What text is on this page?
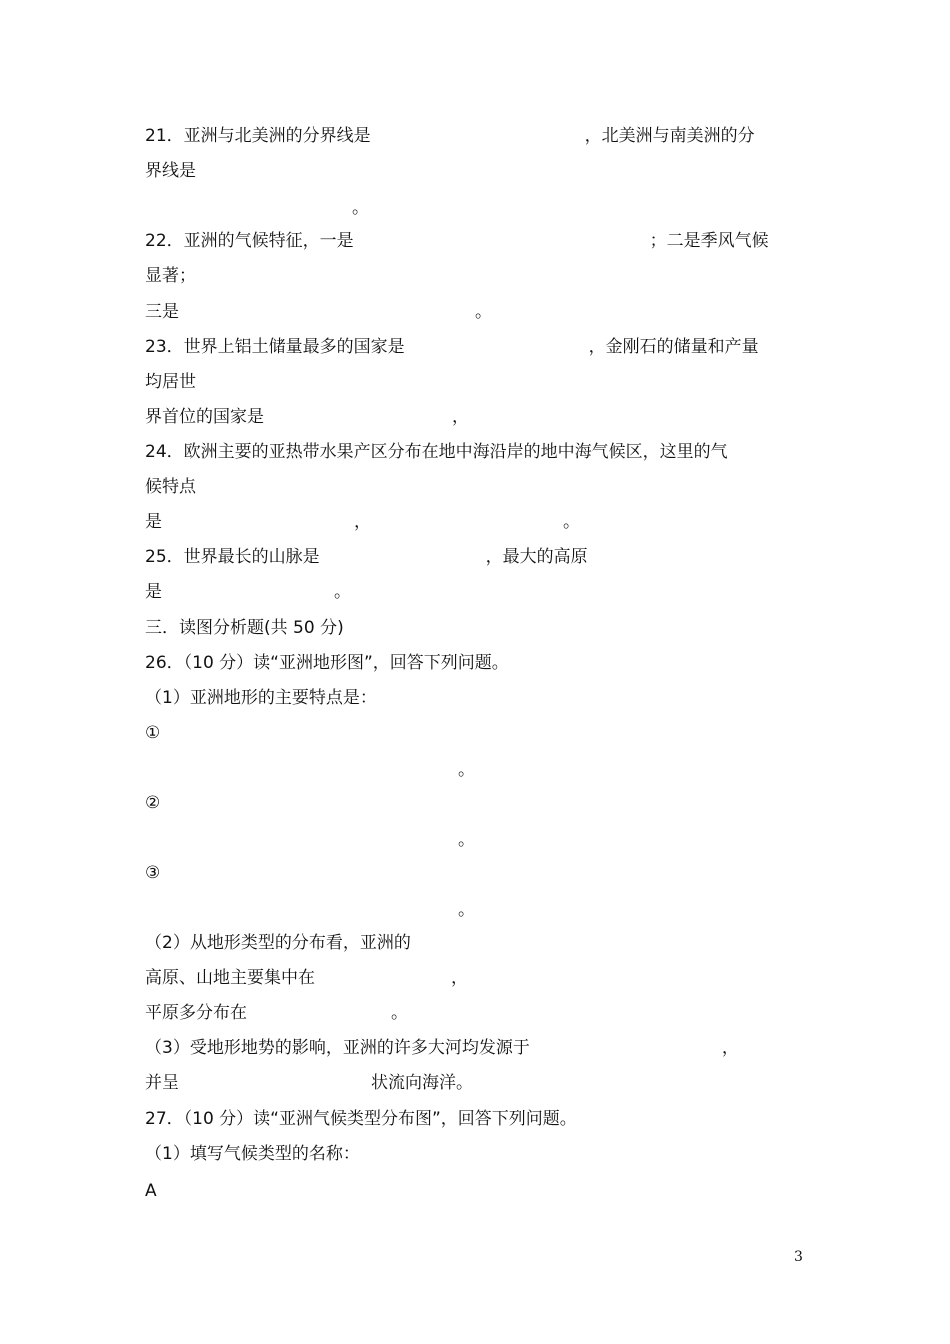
21．亚洲与北美洲的分界线是	，北美洲与南美洲的分
界线是
。
22．亚洲的气候特征，一是	；二是季风气候
显著；
三是	。
23．世界上铝土储量最多的国家是	，金刚石的储量和产量
均居世
界首位的国家是	，
24．欧洲主要的亚热带水果产区分布在地中海沿岸的地中海气候区，这里的气
候特点
是	，	。
25．世界最长的山脉是	，最大的高原
是	。
三．读图分析题(共 50 分)
26．（10 分）读“亚洲地形图”，回答下列问题。
（1）亚洲地形的主要特点是：
①
。
②
。
③
。
（2）从地形类型的分布看，亚洲的
高原、山地主要集中在	，
平原多分布在	。
（3）受地形地势的影响，亚洲的许多大河均发源于	，
并呈	状流向海洋。
27．（10 分）读“亚洲气候类型分布图”，回答下列问题。
（1）填写气候类型的名称：
A
3
